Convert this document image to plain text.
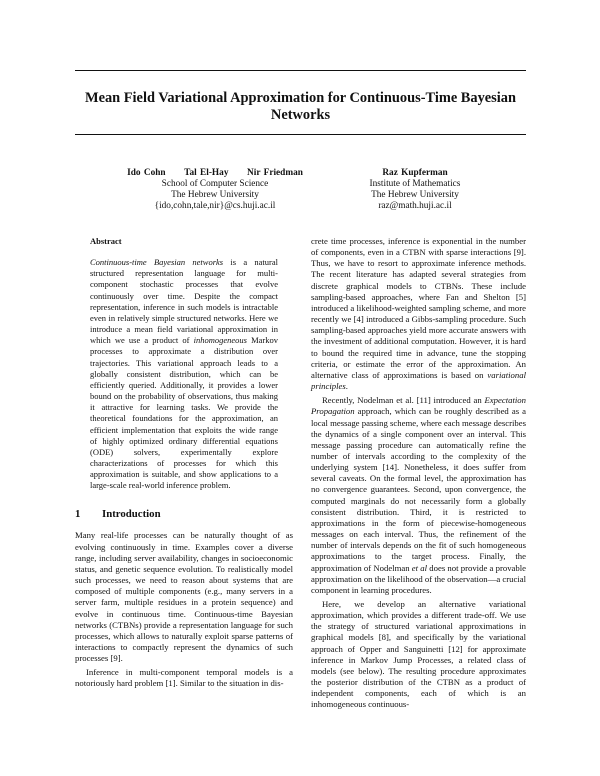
Mean Field Variational Approximation for Continuous-Time Bayesian Networks
Ido Cohn  Tal El-Hay  Nir Friedman
School of Computer Science
The Hebrew University
{ido,cohn,tale,nir}@cs.huji.ac.il
Raz Kupferman
Institute of Mathematics
The Hebrew University
raz@math.huji.ac.il

Abstract

Continuous-time Bayesian networks is a natural structured representation language for multi-component stochastic processes that evolve continuously over time. Despite the compact representation, inference in such models is intractable even in relatively simple structured networks. Here we introduce a mean field variational approximation in which we use a product of inhomogeneous Markov processes to approximate a distribution over trajectories. This variational approach leads to a globally consistent distribution, which can be efficiently queried. Additionally, it provides a lower bound on the probability of observations, thus making it attractive for learning tasks. We provide the theoretical foundations for the approximation, an efficient implementation that exploits the wide range of highly optimized ordinary differential equations (ODE) solvers, experimentally explore characterizations of processes for which this approximation is suitable, and show applications to a large-scale real-world inference problem.

1  Introduction

Many real-life processes can be naturally thought of as evolving continuously in time. Examples cover a diverse range, including server availability, changes in socioeconomic status, and genetic sequence evolution. To realistically model such processes, we need to reason about systems that are composed of multiple components (e.g., many servers in a server farm, multiple residues in a protein sequence) and evolve in continuous time. Continuous-time Bayesian networks (CTBNs) provide a representation language for such processes, which allows to naturally exploit sparse patterns of interactions to compactly represent the dynamics of such processes [9].

Inference in multi-component temporal models is a notoriously hard problem [1]. Similar to the situation in dis-

crete time processes, inference is exponential in the number of components, even in a CTBN with sparse interactions [9]. Thus, we have to resort to approximate inference methods. The recent literature has adapted several strategies from discrete graphical models to CTBNs. These include sampling-based approaches, where Fan and Shelton [5] introduced a likelihood-weighted sampling scheme, and more recently we [4] introduced a Gibbs-sampling procedure. Such sampling-based approaches yield more accurate answers with the investment of additional computation. However, it is hard to bound the required time in advance, tune the stopping criteria, or estimate the error of the approximation. An alternative class of approximations is based on variational principles.

Recently, Nodelman et al. [11] introduced an Expectation Propagation approach, which can be roughly described as a local message passing scheme, where each message describes the dynamics of a single component over an interval. This message passing procedure can automatically refine the number of intervals according to the complexity of the underlying system [14]. Nonetheless, it does suffer from several caveats. On the formal level, the approximation has no convergence guarantees. Second, upon convergence, the computed marginals do not necessarily form a globally consistent distribution. Third, it is restricted to approximations in the form of piecewise-homogeneous messages on each interval. Thus, the refinement of the number of intervals depends on the fit of such homogeneous approximations to the target process. Finally, the approximation of Nodelman et al does not provide a provable approximation on the likelihood of the observation—a crucial component in learning procedures.

Here, we develop an alternative variational approximation, which provides a different trade-off. We use the strategy of structured variational approximations in graphical models [8], and specifically by the variational approach of Opper and Sanguinetti [12] for approximate inference in Markov Jump Processes, a related class of models (see below). The resulting procedure approximates the posterior distribution of the CTBN as a product of independent components, each of which is an inhomogeneous continuous-
